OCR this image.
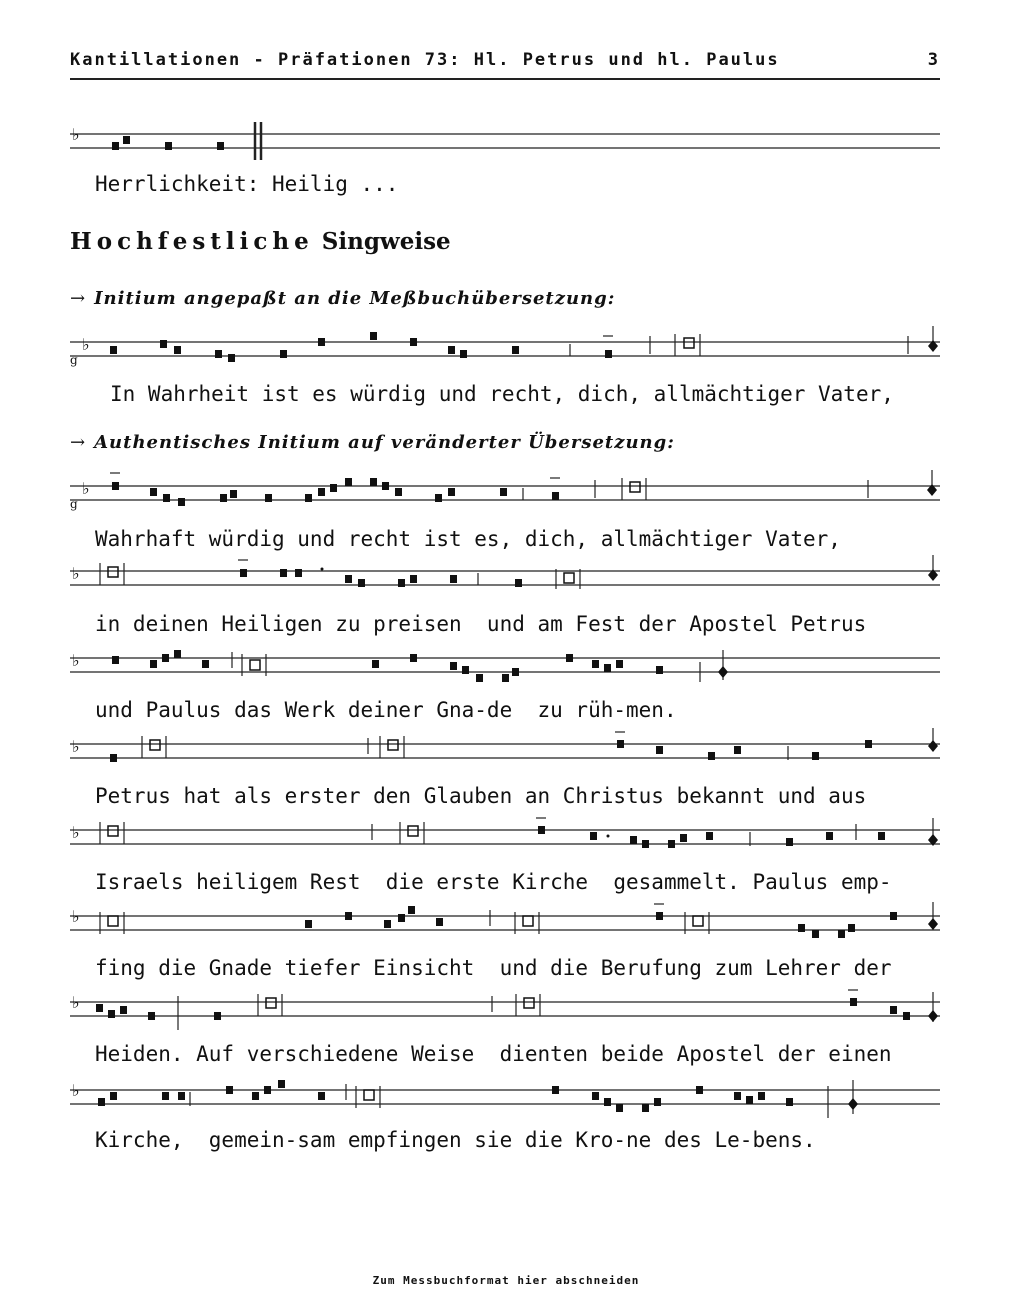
Kantillationen - Präfationen 73: Hl. Petrus und hl. Paulus	3
♭
Herrlichkeit: Heilig ...
Hochfestliche Singweise
→ Initium angepaßt an die Meßbuchübersetzung:
♭
g
In Wahrheit ist es würdig und recht, dich, allmächtiger Vater,
→ Authentisches Initium auf veränderter Übersetzung:
♭
g
Wahrhaft würdig und recht ist es, dich, allmächtiger Vater,
♭
in deinen Heiligen zu preisen  und am Fest der Apostel Petrus
♭
und Paulus das Werk deiner Gna-de  zu rüh-men.
♭
Petrus hat als erster den Glauben an Christus bekannt und aus
♭
Israels heiligem Rest  die erste Kirche  gesammelt. Paulus emp-
♭
fing die Gnade tiefer Einsicht  und die Berufung zum Lehrer der
♭
Heiden. Auf verschiedene Weise  dienten beide Apostel der einen
♭
Kirche,  gemein-sam empfingen sie die Kro-ne des Le-bens.
Zum Messbuchformat hier abschneiden
